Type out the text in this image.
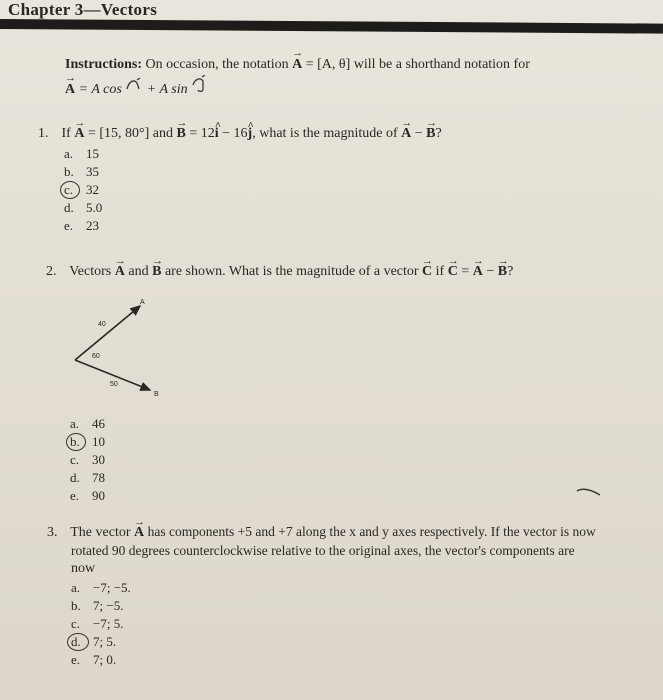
Chapter 3—Vectors
Instructions: On occasion, the notation → A = [A, θ] will be a shorthand notation for
→ A = A cos + A sin
1. If → A = [15, 80°] and → B = 12^ i − 16^ j, what is the magnitude of → A − → B?
a. 15
b. 35
c. 32
d. 5.0
e. 23
2. Vectors → A and → B are shown. What is the magnitude of a vector → C if → C = → A − → B?
A
B
40
60
50
a. 46
b. 10
c. 30
d. 78
e. 90
3. The vector → A has components +5 and +7 along the x and y axes respectively. If the vector is now
rotated 90 degrees counterclockwise relative to the original axes, the vector's components are
now
a. −7; −5.
b. 7; −5.
c. −7; 5.
d. 7; 5.
e. 7; 0.
